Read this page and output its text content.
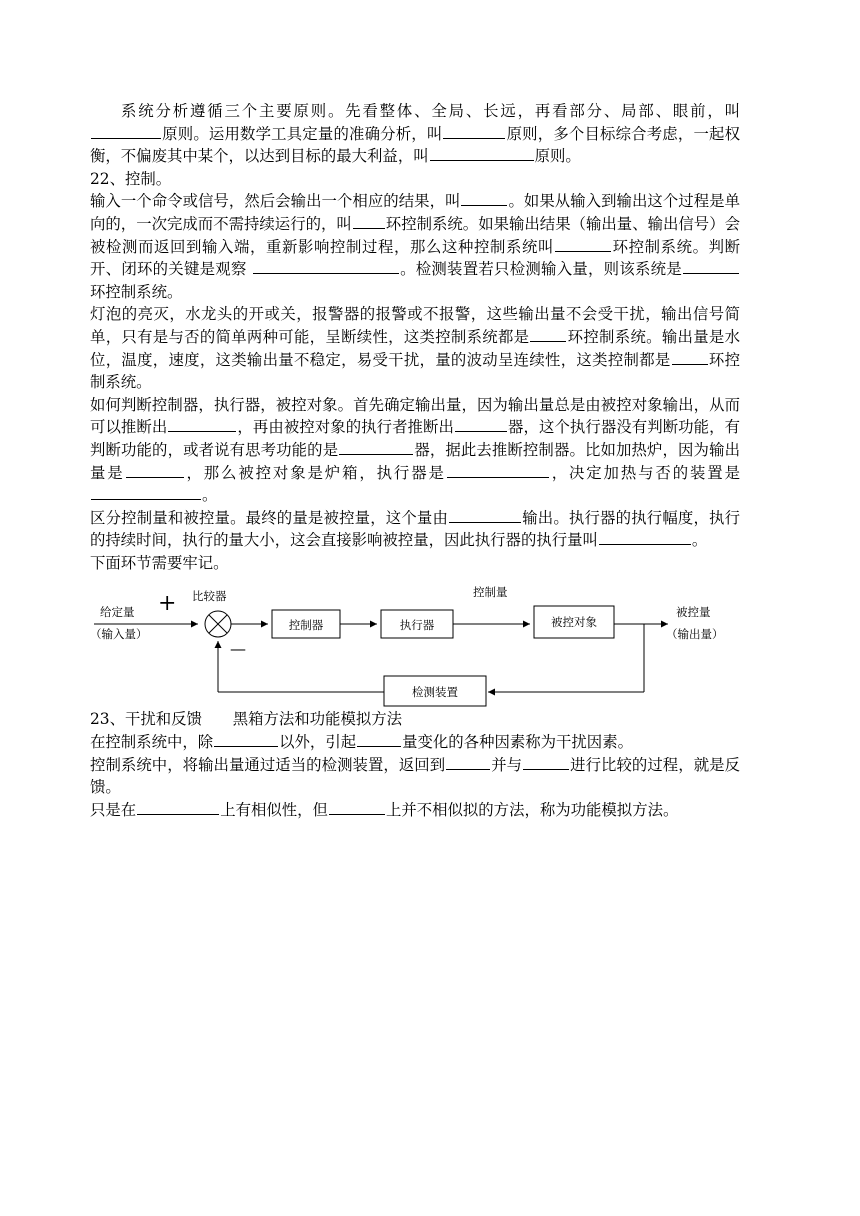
系统分析遵循三个主要原则。先看整体、全局、长远，再看部分、局部、眼前，叫原则。运用数学工具定量的准确分析，叫	原则，多个目标综合考虑，一起权衡，不偏废其中某个，以达到目标的最大利益，叫	原则。

22、控制。

输入一个命令或信号，然后会输出一个相应的结果，叫	。如果从输入到输出这个过程是单向的，一次完成而不需持续运行的，叫 环控制系统。如果输出结果（输出量、输出信号）会被检测而返回到输入端，重新影响控制过程，那么这种控制系统叫	环控制系统。判断开、闭环的关键是观察	。检测装置若只检测输入量，则该系统是环控制系统。

灯泡的亮灭，水龙头的开或关，报警器的报警或不报警，这些输出量不会受干扰，输出信号简单，只有是与否的简单两种可能，呈断续性，这类控制系统都是 环控制系统。输出量是水位，温度，速度，这类输出量不稳定，易受干扰，量的波动呈连续性，这类控制都是 环控制系统。

如何判断控制器，执行器，被控对象。首先确定输出量，因为输出量总是由被控对象输出，从而可以推断出	，再由被控对象的执行者推断出	器，这个执行器没有判断功能，有判断功能的，或者说有思考功能的是	器，据此去推断控制器。比如加热炉，因为输出量是	，那么被控对象是炉箱，执行器是	，决定加热与否的装置是。

区分控制量和被控量。最终的量是被控量，这个量由	输出。执行器的执行幅度，执行的持续时间，执行的量大小，这会直接影响被控量，因此执行器的执行量叫	。

下面环节需要牢记。

+ 比较器
给定量
（输入量）
—
控制器	执行器
控制量
被控对象
被控量
（输出量）
检测装置

23、干扰和反馈　　黑箱方法和功能模拟方法

在控制系统中，除	以外，引起	量变化的各种因素称为干扰因素。

控制系统中，将输出量通过适当的检测装置，返回到	并与	进行比较的过程，就是反馈。

只是在	上有相似性，但	上并不相似拟的方法，称为功能模拟方法。
